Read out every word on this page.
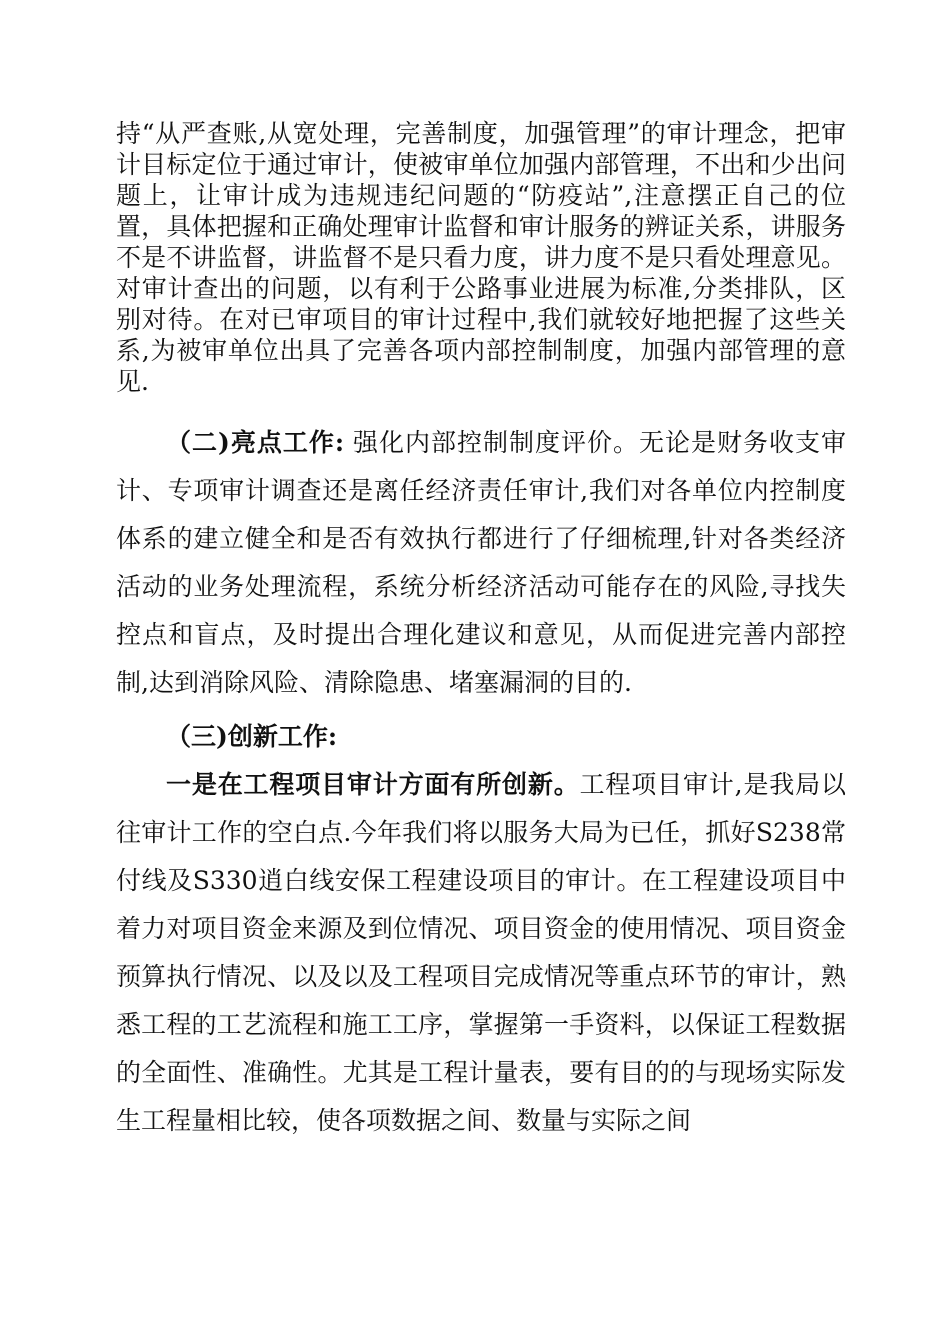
持“从严查账,从宽处理，完善制度，加强管理”的审计理念，把审计目标定位于通过审计，使被审单位加强内部管理，不出和少出问题上，让审计成为违规违纪问题的“防疫站”,注意摆正自己的位置，具体把握和正确处理审计监督和审计服务的辨证关系，讲服务不是不讲监督，讲监督不是只看力度，讲力度不是只看处理意见。对审计查出的问题，以有利于公路事业进展为标准,分类排队，区别对待。在对已审项目的审计过程中,我们就较好地把握了这些关系,为被审单位出具了完善各项内部控制制度，加强内部管理的意见.

（二)亮点工作: 强化内部控制制度评价。无论是财务收支审计、专项审计调查还是离任经济责任审计,我们对各单位内控制度体系的建立健全和是否有效执行都进行了仔细梳理,针对各类经济活动的业务处理流程，系统分析经济活动可能存在的风险,寻找失控点和盲点，及时提出合理化建议和意见，从而促进完善内部控制,达到消除风险、清除隐患、堵塞漏洞的目的.

（三)创新工作:

一是在工程项目审计方面有所创新。工程项目审计,是我局以往审计工作的空白点.今年我们将以服务大局为已任，抓好S238常付线及S330逍白线安保工程建设项目的审计。在工程建设项目中着力对项目资金来源及到位情况、项目资金的使用情况、项目资金预算执行情况、以及以及工程项目完成情况等重点环节的审计，熟悉工程的工艺流程和施工工序，掌握第一手资料，以保证工程数据的全面性、准确性。尤其是工程计量表，要有目的的与现场实际发生工程量相比较，使各项数据之间、数量与实际之间
